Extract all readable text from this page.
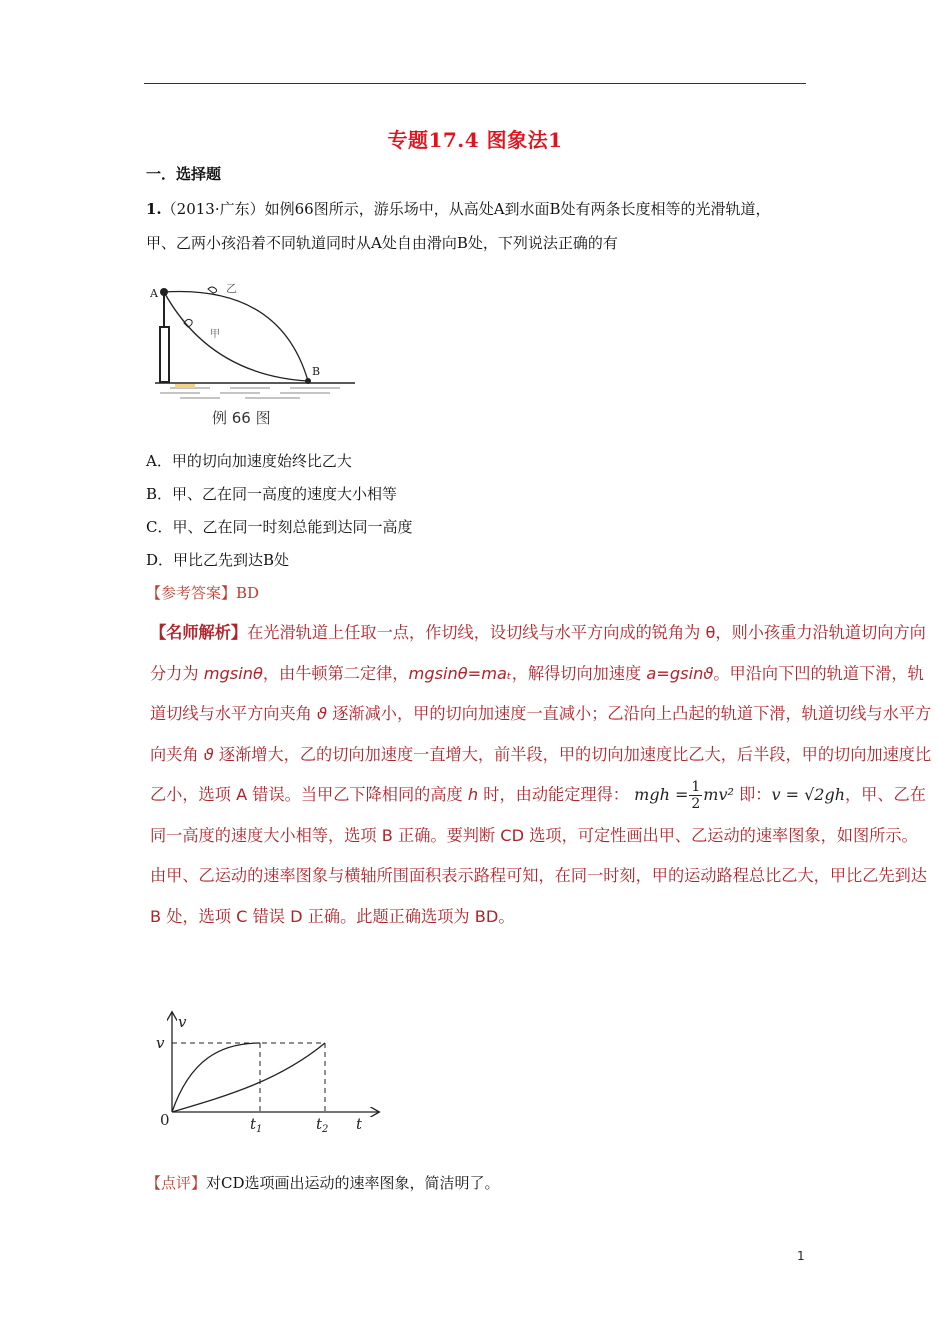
专题17.4 图象法1
一．选择题
1.（2013·广东）如例66图所示，游乐场中，从高处A到水面B处有两条长度相等的光滑轨道，
甲、乙两小孩沿着不同轨道同时从A处自由滑向B处，下列说法正确的有
A
B
乙
甲
例 66 图
A．甲的切向加速度始终比乙大
B．甲、乙在同一高度的速度大小相等
C．甲、乙在同一时刻总能到达同一高度
D．甲比乙先到达B处
【参考答案】BD
【名师解析】在光滑轨道上任取一点，作切线，设切线与水平方向成的锐角为 θ，则小孩重力沿轨道切向方向分力为 mgsinθ，由牛顿第二定律，mgsinθ=maₜ，解得切向加速度 a=gsinϑ。甲沿向下凹的轨道下滑，轨道切线与水平方向夹角 ϑ 逐渐减小，甲的切向加速度一直减小；乙沿向上凸起的轨道下滑，轨道切线与水平方向夹角 ϑ 逐渐增大，乙的切向加速度一直增大，前半段，甲的切向加速度比乙大，后半段，甲的切向加速度比乙小，选项 A 错误。当甲乙下降相同的高度 h 时，由动能定理得： mgh = $\frac{1}{2} mv^2$ 即：v = √2gh，甲、乙在同一高度的速度大小相等，选项 B 正确。要判断 CD 选项，可定性画出甲、乙运动的速率图象，如图所示。由甲、乙运动的速率图象与横轴所围面积表示路程可知，在同一时刻，甲的运动路程总比乙大，甲比乙先到达 B 处，选项 C 错误 D 正确。此题正确选项为 BD。
v
v
0	$t_1$	$t_2$ t
【点评】对CD选项画出运动的速率图象，简洁明了。
1
